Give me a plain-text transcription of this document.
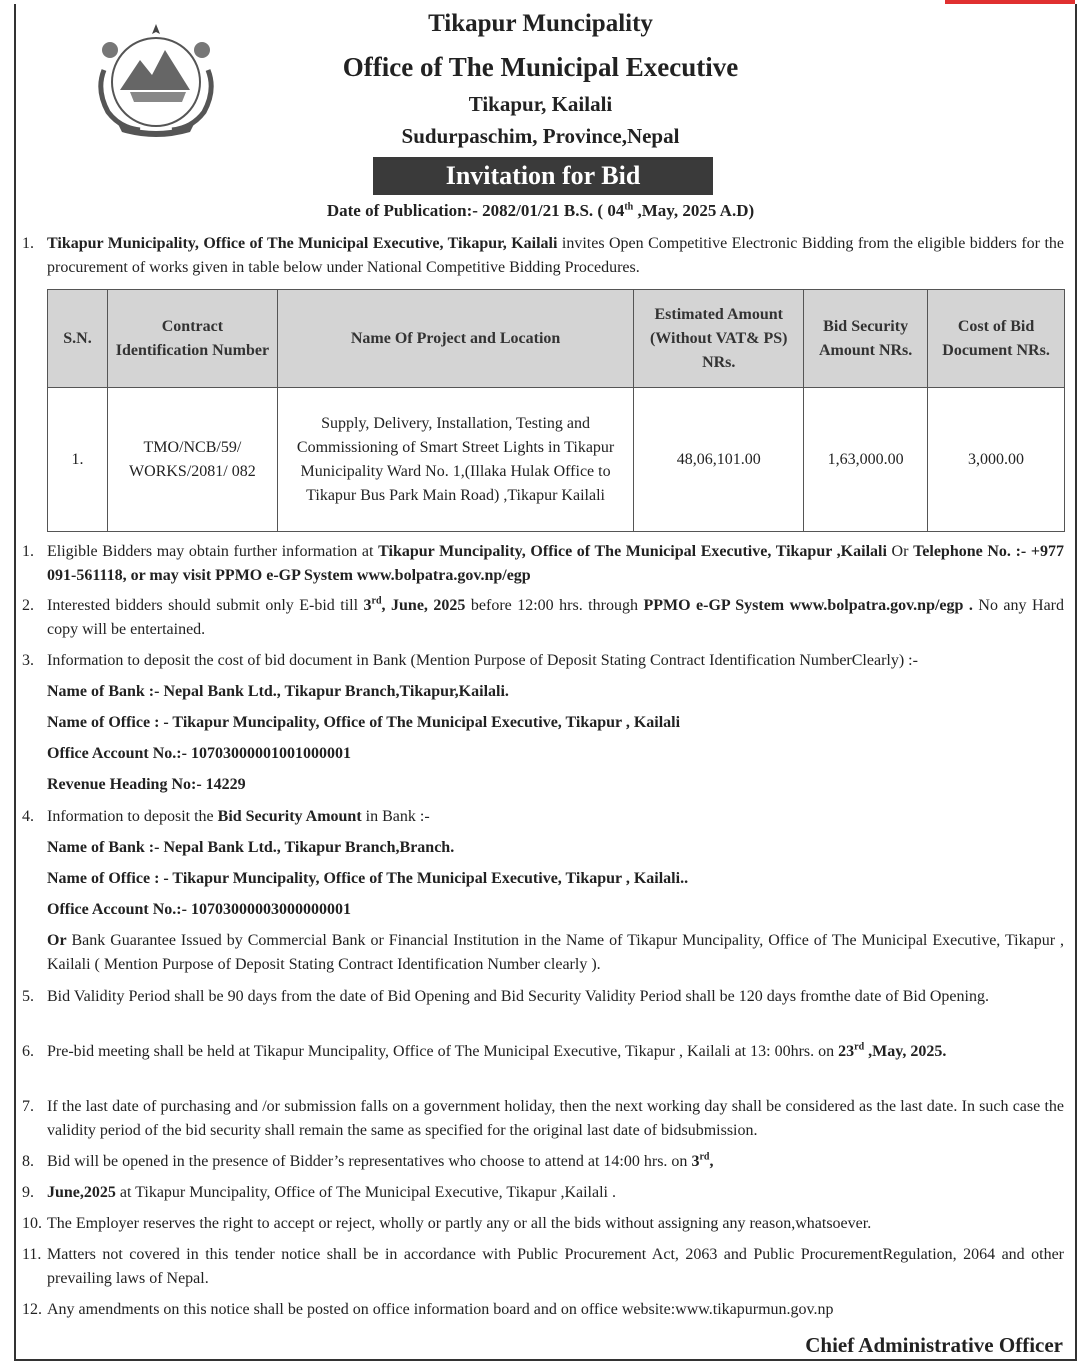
Tikapur Muncipality
Office of The Municipal Executive
Tikapur, Kailali
Sudurpaschim, Province,Nepal
Invitation for Bid
Date of Publication:- 2082/01/21 B.S. ( 04th ,May, 2025 A.D)
1. Tikapur Municipality, Office of The Municipal Executive, Tikapur, Kailali invites Open Competitive Electronic Bidding from the eligible bidders for the procurement of works given in table below under National Competitive Bidding Procedures.
S.N.	Contract Identification Number	Name Of Project and Location	Estimated Amount (Without VAT& PS) NRs.	Bid Security Amount NRs.	Cost of Bid Document NRs.
1.	TMO/NCB/59/ WORKS/2081/ 082	Supply, Delivery, Installation, Testing and Commissioning of Smart Street Lights in Tikapur Municipality Ward No. 1,(Illaka Hulak Office to Tikapur Bus Park Main Road) ,Tikapur Kailali	48,06,101.00	1,63,000.00	3,000.00
1. Eligible Bidders may obtain further information at Tikapur Muncipality, Office of The Municipal Executive, Tikapur ,Kailali Or Telephone No. :- +977 091-561118, or may visit PPMO e-GP System www.bolpatra.gov.np/egp
2. Interested bidders should submit only E-bid till 3rd, June, 2025 before 12:00 hrs. through PPMO e-GP System www.bolpatra.gov.np/egp . No any Hard copy will be entertained.
3. Information to deposit the cost of bid document in Bank (Mention Purpose of Deposit Stating Contract Identification NumberClearly) :-
Name of Bank :- Nepal Bank Ltd., Tikapur Branch,Tikapur,Kailali.
Name of Office : - Tikapur Muncipality, Office of The Municipal Executive, Tikapur , Kailali
Office Account No.:- 10703000001001000001
Revenue Heading No:- 14229
4. Information to deposit the Bid Security Amount in Bank :-
Name of Bank :- Nepal Bank Ltd., Tikapur Branch,Branch.
Name of Office : - Tikapur Muncipality, Office of The Municipal Executive, Tikapur , Kailali..
Office Account No.:- 10703000003000000001
Or Bank Guarantee Issued by Commercial Bank or Financial Institution in the Name of Tikapur Muncipality, Office of The Municipal Executive, Tikapur , Kailali ( Mention Purpose of Deposit Stating Contract Identification Number clearly ).
5. Bid Validity Period shall be 90 days from the date of Bid Opening and Bid Security Validity Period shall be 120 days fromthe date of Bid Opening.
6. Pre-bid meeting shall be held at Tikapur Muncipality, Office of The Municipal Executive, Tikapur , Kailali at 13: 00hrs. on 23rd ,May, 2025.
7. If the last date of purchasing and /or submission falls on a government holiday, then the next working day shall be considered as the last date. In such case the validity period of the bid security shall remain the same as specified for the original last date of bidsubmission.
8. Bid will be opened in the presence of Bidder’s representatives who choose to attend at 14:00 hrs. on 3rd,
9. June,2025 at Tikapur Muncipality, Office of The Municipal Executive, Tikapur ,Kailali .
10. The Employer reserves the right to accept or reject, wholly or partly any or all the bids without assigning any reason,whatsoever.
11. Matters not covered in this tender notice shall be in accordance with Public Procurement Act, 2063 and Public ProcurementRegulation, 2064 and other prevailing laws of Nepal.
12. Any amendments on this notice shall be posted on office information board and on office website:www.tikapurmun.gov.np
Chief Administrative Officer
